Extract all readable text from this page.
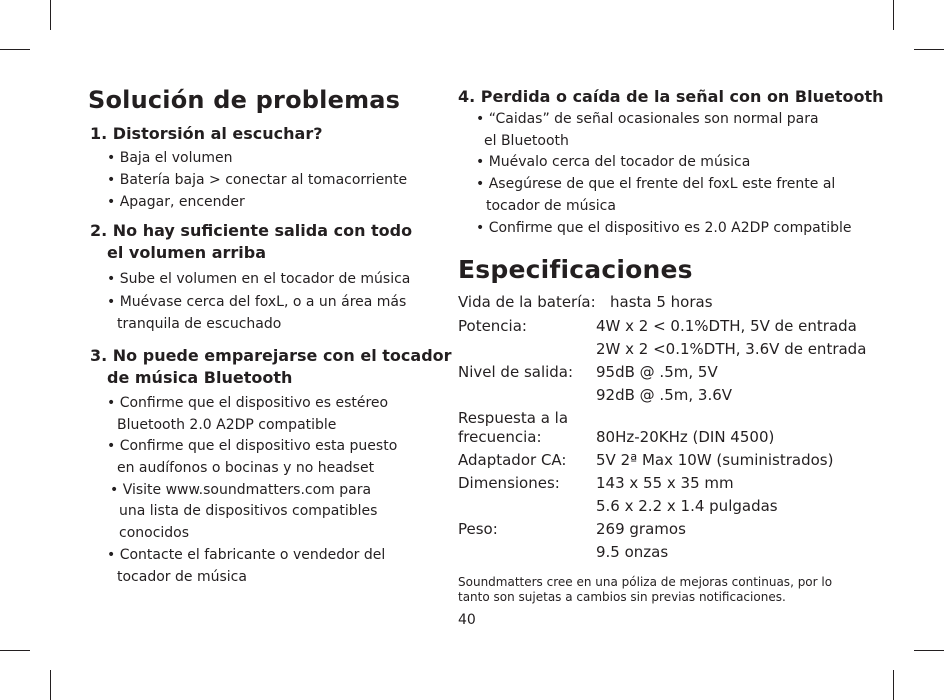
Solución de problemas
1. Distorsión al escuchar?
• Baja el volumen
• Batería baja > conectar al tomacorriente
• Apagar, encender
2. No hay suficiente salida con todo
el volumen arriba
• Sube el volumen en el tocador de música
• Muévase cerca del foxL, o a un área más
tranquila de escuchado
3. No puede emparejarse con el tocador
de música Bluetooth
• Confirme que el dispositivo es estéreo
Bluetooth 2.0 A2DP compatible
• Confirme que el dispositivo esta puesto
en audífonos o bocinas y no headset
• Visite www.soundmatters.com para
una lista de dispositivos compatibles
conocidos
• Contacte el fabricante o vendedor del
tocador de música
4. Perdida o caída de la señal con on Bluetooth
• “Caidas” de señal ocasionales son normal para
el Bluetooth
• Muévalo cerca del tocador de música
• Asegúrese de que el frente del foxL este frente al
tocador de música
• Confirme que el dispositivo es 2.0 A2DP compatible
Especificaciones
Vida de la batería: hasta 5 horas
Potencia:	4W x 2 < 0.1%DTH, 5V de entrada
2W x 2 <0.1%DTH, 3.6V de entrada
Nivel de salida: 95dB @ .5m, 5V
92dB @ .5m, 3.6V
Respuesta a la
frecuencia:	80Hz-20KHz (DIN 4500)
Adaptador CA: 5V 2ª Max 10W (suministrados)
Dimensiones: 143 x 55 x 35 mm
5.6 x 2.2 x 1.4 pulgadas
Peso:	269 gramos
9.5 onzas
Soundmatters cree en una póliza de mejoras continuas, por lo
tanto son sujetas a cambios sin previas notificaciones.
40
